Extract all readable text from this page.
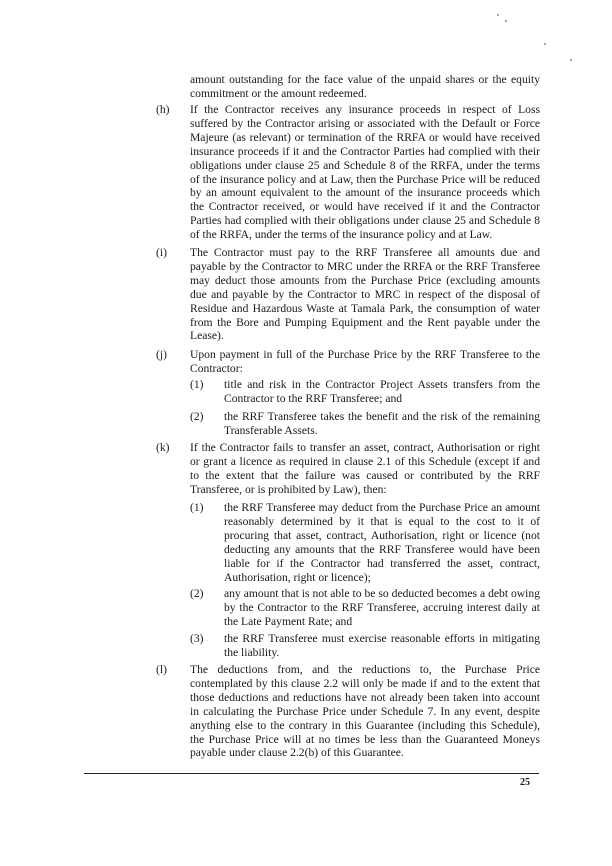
amount outstanding for the face value of the unpaid shares or the equity commitment or the amount redeemed.

(h) If the Contractor receives any insurance proceeds in respect of Loss suffered by the Contractor arising or associated with the Default or Force Majeure (as relevant) or termination of the RRFA or would have received insurance proceeds if it and the Contractor Parties had complied with their obligations under clause 25 and Schedule 8 of the RRFA, under the terms of the insurance policy and at Law, then the Purchase Price will be reduced by an amount equivalent to the amount of the insurance proceeds which the Contractor received, or would have received if it and the Contractor Parties had complied with their obligations under clause 25 and Schedule 8 of the RRFA, under the terms of the insurance policy and at Law.

(i) The Contractor must pay to the RRF Transferee all amounts due and payable by the Contractor to MRC under the RRFA or the RRF Transferee may deduct those amounts from the Purchase Price (excluding amounts due and payable by the Contractor to MRC in respect of the disposal of Residue and Hazardous Waste at Tamala Park, the consumption of water from the Bore and Pumping Equipment and the Rent payable under the Lease).

(j) Upon payment in full of the Purchase Price by the RRF Transferee to the Contractor:

(1) title and risk in the Contractor Project Assets transfers from the Contractor to the RRF Transferee; and

(2) the RRF Transferee takes the benefit and the risk of the remaining Transferable Assets.

(k) If the Contractor fails to transfer an asset, contract, Authorisation or right or grant a licence as required in clause 2.1 of this Schedule (except if and to the extent that the failure was caused or contributed by the RRF Transferee, or is prohibited by Law), then:

(1) the RRF Transferee may deduct from the Purchase Price an amount reasonably determined by it that is equal to the cost to it of procuring that asset, contract, Authorisation, right or licence (not deducting any amounts that the RRF Transferee would have been liable for if the Contractor had transferred the asset, contract, Authorisation, right or licence);

(2) any amount that is not able to be so deducted becomes a debt owing by the Contractor to the RRF Transferee, accruing interest daily at the Late Payment Rate; and

(3) the RRF Transferee must exercise reasonable efforts in mitigating the liability.

(l) The deductions from, and the reductions to, the Purchase Price contemplated by this clause 2.2 will only be made if and to the extent that those deductions and reductions have not already been taken into account in calculating the Purchase Price under Schedule 7. In any event, despite anything else to the contrary in this Guarantee (including this Schedule), the Purchase Price will at no times be less than the Guaranteed Moneys payable under clause 2.2(b) of this Guarantee.

25
